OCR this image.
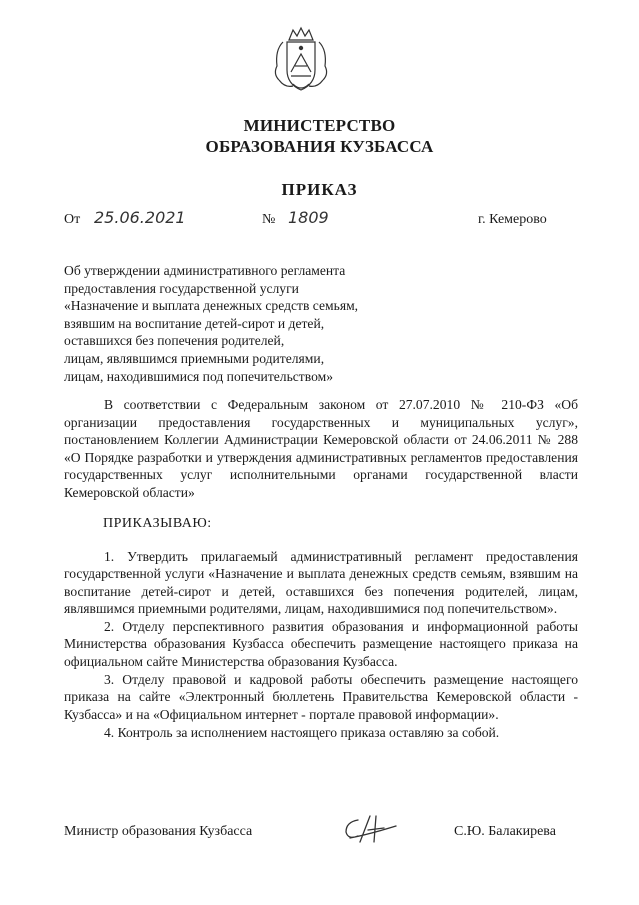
МИНИСТЕРСТВО
ОБРАЗОВАНИЯ КУЗБАССА
ПРИКАЗ
От 25.06.2021	№ 1809	г. Кемерово
Об утверждении административного регламента
предоставления государственной услуги
«Назначение и выплата денежных средств семьям,
взявшим на воспитание детей-сирот и детей,
оставшихся без попечения родителей,
лицам, являвшимся приемными родителями,
лицам, находившимися под попечительством»
В соответствии с Федеральным законом от 27.07.2010 № 210-ФЗ «Об организации предоставления государственных и муниципальных услуг», постановлением Коллегии Администрации Кемеровской области от 24.06.2011 № 288 «О Порядке разработки и утверждения административных регламентов предоставления государственных услуг исполнительными органами государственной власти Кемеровской области»
ПРИКАЗЫВАЮ:

1. Утвердить прилагаемый административный регламент предоставления государственной услуги «Назначение и выплата денежных средств семьям, взявшим на воспитание детей-сирот и детей, оставшихся без попечения родителей, лицам, являвшимся приемными родителями, лицам, находившимися под попечительством».

2. Отделу перспективного развития образования и информационной работы Министерства образования Кузбасса обеспечить размещение настоящего приказа на официальном сайте Министерства образования Кузбасса.

3. Отделу правовой и кадровой работы обеспечить размещение настоящего приказа на сайте «Электронный бюллетень Правительства Кемеровской области - Кузбасса» и на «Официальном интернет - портале правовой информации».

4. Контроль за исполнением настоящего приказа оставляю за собой.

Министр образования Кузбасса	С.Ю. Балакирева
